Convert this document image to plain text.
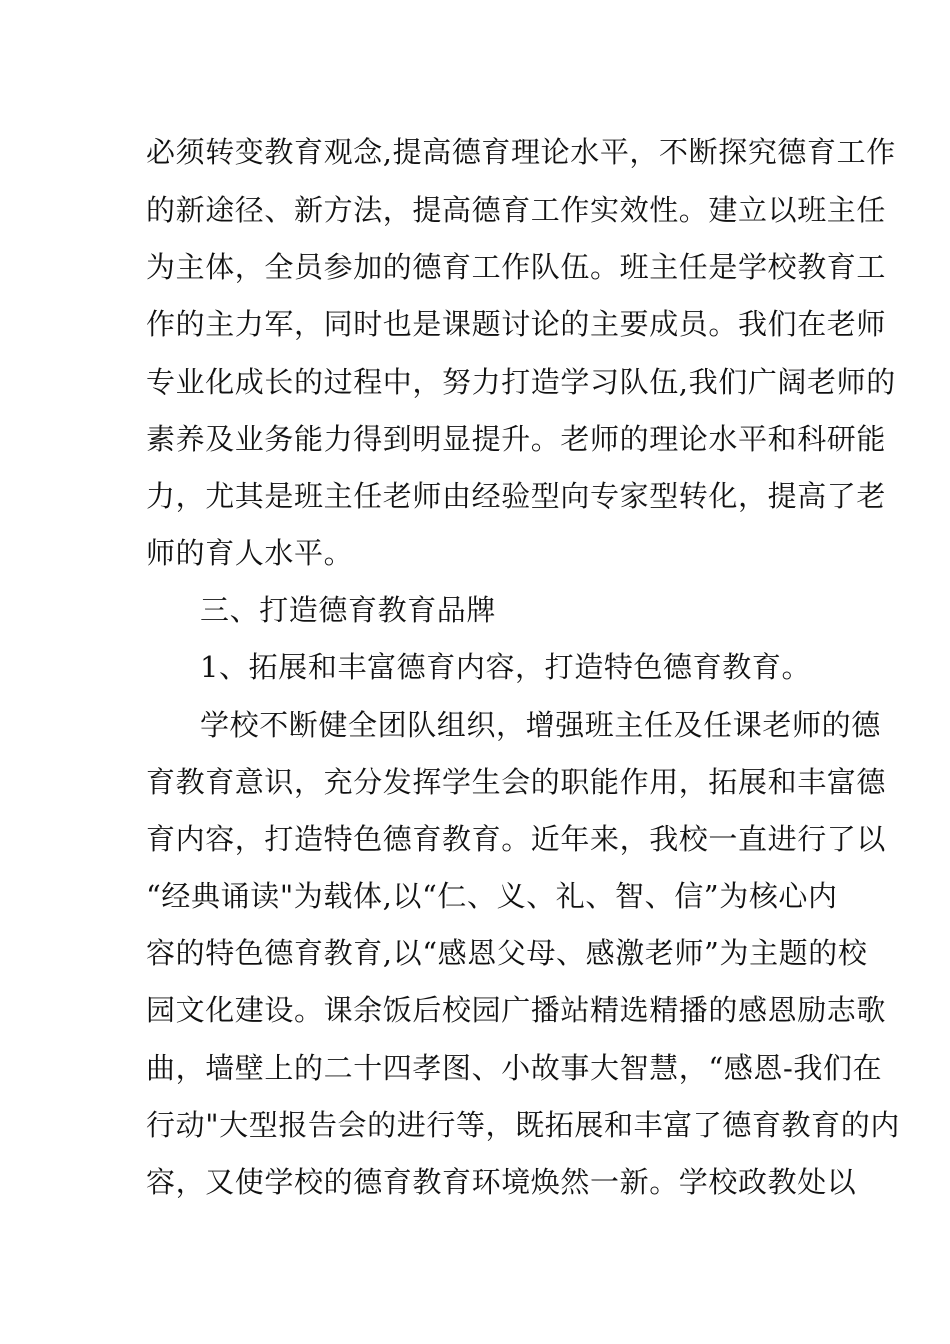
必须转变教育观念,提高德育理论水平，不断探究德育工作
的新途径、新方法，提高德育工作实效性。建立以班主任
为主体，全员参加的德育工作队伍。班主任是学校教育工
作的主力军，同时也是课题讨论的主要成员。我们在老师
专业化成长的过程中，努力打造学习队伍,我们广阔老师的
素养及业务能力得到明显提升。老师的理论水平和科研能
力，尤其是班主任老师由经验型向专家型转化，提高了老
师的育人水平。
三、打造德育教育品牌
1、拓展和丰富德育内容，打造特色德育教育。
学校不断健全团队组织，增强班主任及任课老师的德
育教育意识，充分发挥学生会的职能作用，拓展和丰富德
育内容，打造特色德育教育。近年来，我校一直进行了以
“经典诵读"为载体,以“仁、义、礼、智、信”为核心内
容的特色德育教育,以“感恩父母、感激老师”为主题的校
园文化建设。课余饭后校园广播站精选精播的感恩励志歌
曲，墙壁上的二十四孝图、小故事大智慧，“感恩-我们在
行动"大型报告会的进行等，既拓展和丰富了德育教育的内
容，又使学校的德育教育环境焕然一新。学校政教处以
